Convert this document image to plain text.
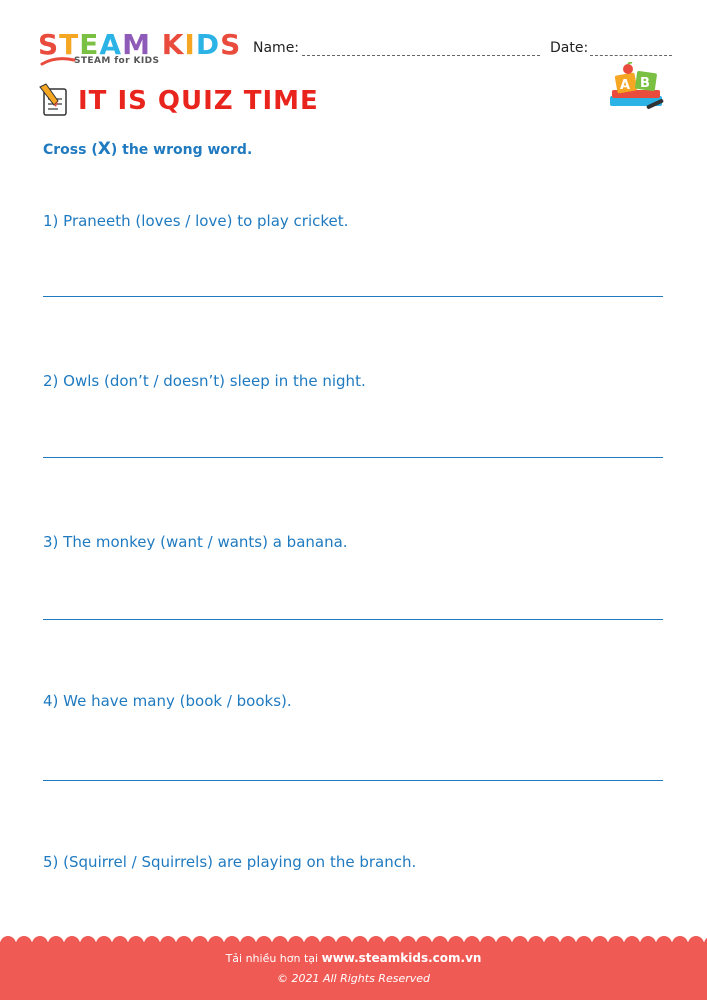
STEAM KIDS
STEAM for KIDS
Name:	Date:
IT IS QUIZ TIME
A B
Cross (X) the wrong word.
1) Praneeth (loves / love) to play cricket.
2) Owls (don’t / doesn’t) sleep in the night.
3) The monkey (want / wants) a banana.
4) We have many (book / books).
5) (Squirrel / Squirrels) are playing on the branch.
Tải nhiều hơn tại www.steamkids.com.vn
© 2021 All Rights Reserved
